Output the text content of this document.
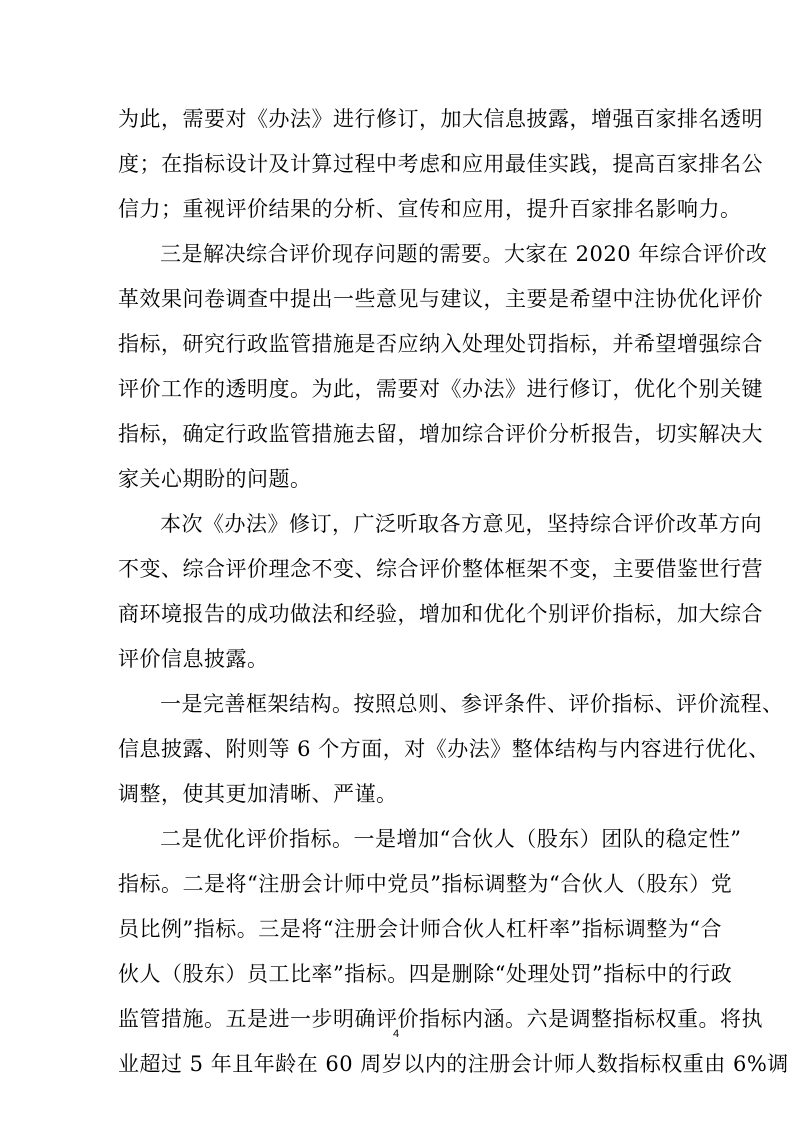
为此，需要对《办法》进行修订，加大信息披露，增强百家排名透明
度；在指标设计及计算过程中考虑和应用最佳实践，提高百家排名公
信力；重视评价结果的分析、宣传和应用，提升百家排名影响力。
三是解决综合评价现存问题的需要。大家在 2020 年综合评价改
革效果问卷调查中提出一些意见与建议，主要是希望中注协优化评价
指标，研究行政监管措施是否应纳入处理处罚指标，并希望增强综合
评价工作的透明度。为此，需要对《办法》进行修订，优化个别关键
指标，确定行政监管措施去留，增加综合评价分析报告，切实解决大
家关心期盼的问题。
本次《办法》修订，广泛听取各方意见，坚持综合评价改革方向
不变、综合评价理念不变、综合评价整体框架不变，主要借鉴世行营
商环境报告的成功做法和经验，增加和优化个别评价指标，加大综合
评价信息披露。
一是完善框架结构。按照总则、参评条件、评价指标、评价流程、
信息披露、附则等 6 个方面，对《办法》整体结构与内容进行优化、
调整，使其更加清晰、严谨。
二是优化评价指标。一是增加“合伙人（股东）团队的稳定性”
指标。二是将“注册会计师中党员”指标调整为“合伙人（股东）党
员比例”指标。三是将“注册会计师合伙人杠杆率”指标调整为“合
伙人（股东）员工比率”指标。四是删除“处理处罚”指标中的行政
监管措施。五是进一步明确评价指标内涵。六是调整指标权重。将执
业超过 5 年且年龄在 60 周岁以内的注册会计师人数指标权重由 6%调
4
